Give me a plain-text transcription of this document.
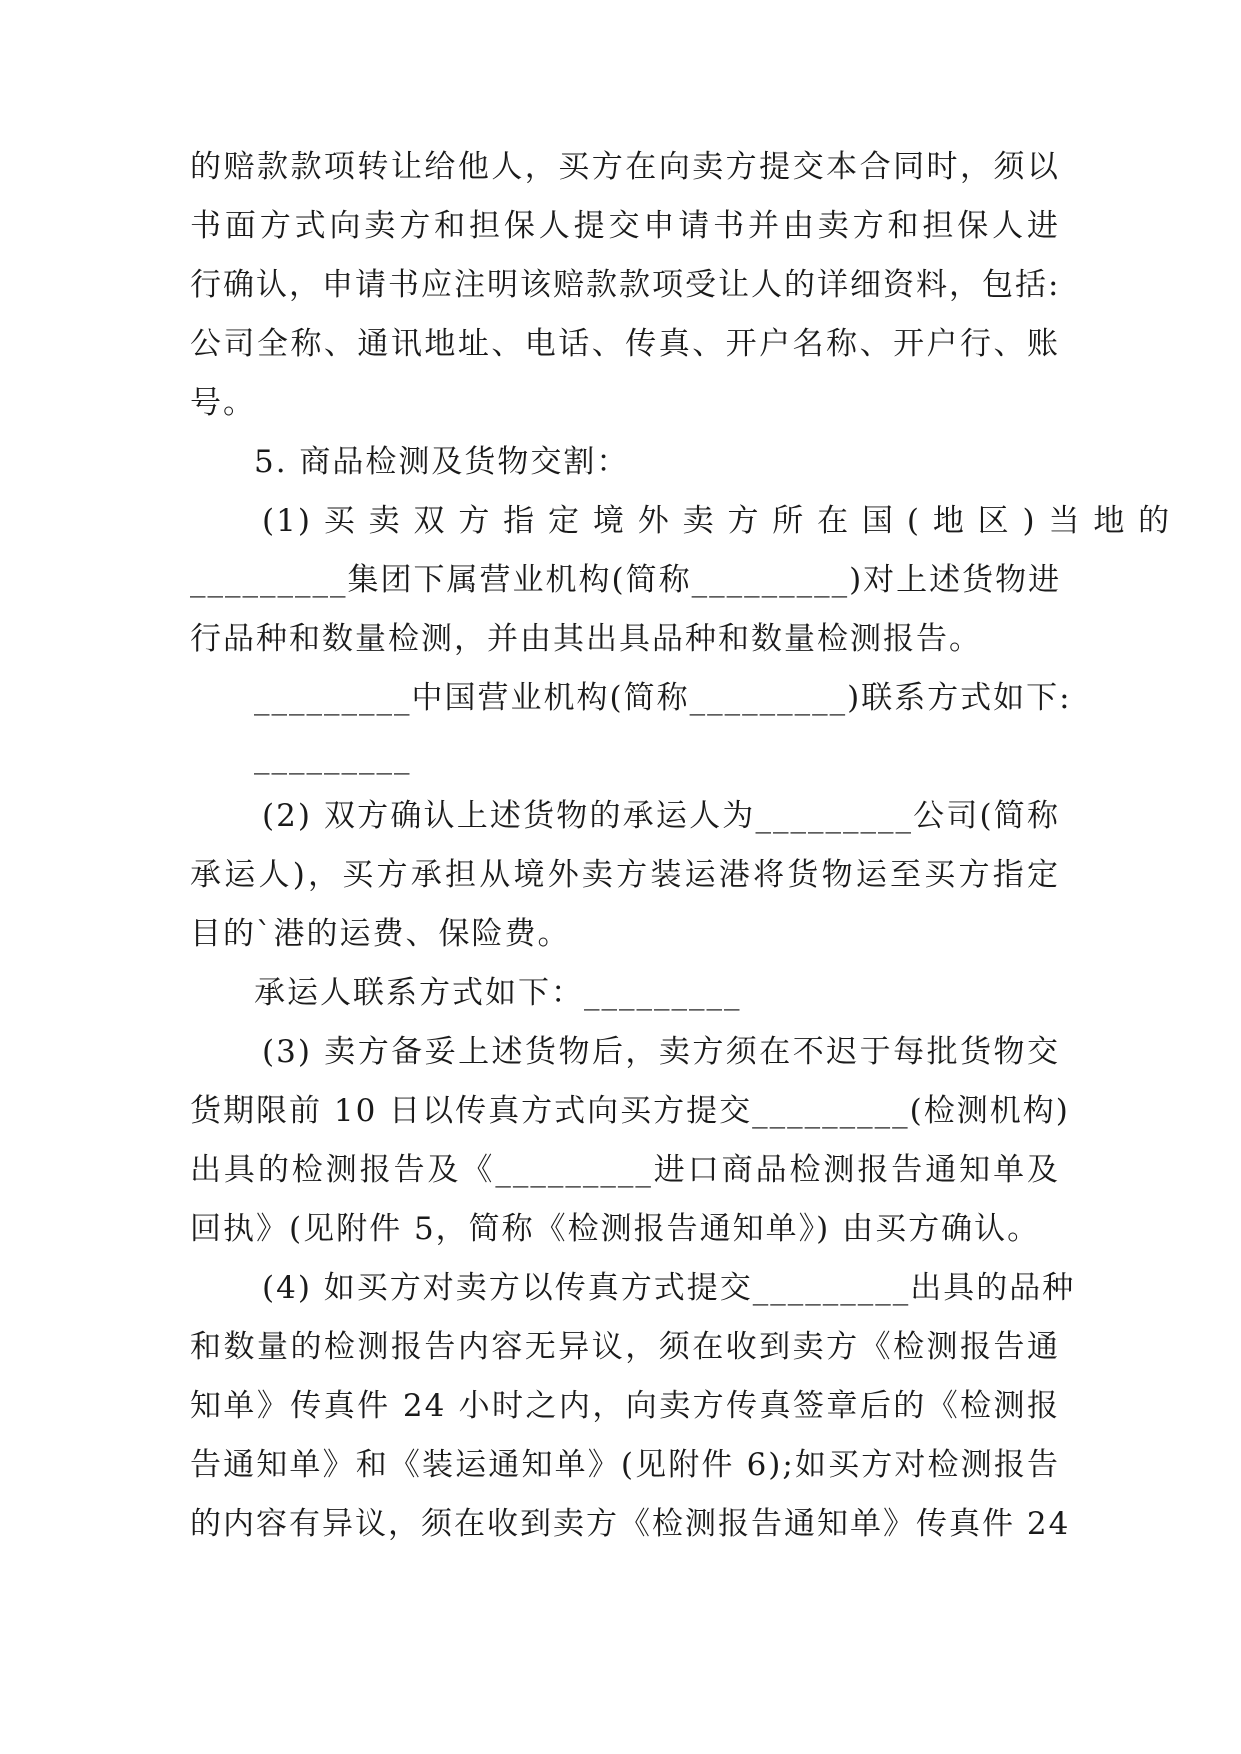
的赔款款项转让给他人，买方在向卖方提交本合同时，须以
书面方式向卖方和担保人提交申请书并由卖方和担保人进
行确认，申请书应注明该赔款款项受让人的详细资料，包括:
公司全称、通讯地址、电话、传真、开户名称、开户行、账
号。
5. 商品检测及货物交割：
(1) 买 卖 双 方 指 定 境 外 卖 方 所 在 国 ( 地 区 ) 当 地 的
_________集团下属营业机构(简称_________)对上述货物进
行品种和数量检测，并由其出具品种和数量检测报告。
_________中国营业机构(简称_________)联系方式如下:
_________
(2) 双方确认上述货物的承运人为_________公司(简称
承运人)，买方承担从境外卖方装运港将货物运至买方指定
目的`港的运费、保险费。
承运人联系方式如下：_________
(3) 卖方备妥上述货物后，卖方须在不迟于每批货物交
货期限前 10 日以传真方式向买方提交_________(检测机构)
出具的检测报告及《_________进口商品检测报告通知单及
回执》(见附件 5，简称《检测报告通知单》) 由买方确认。
(4) 如买方对卖方以传真方式提交_________出具的品种
和数量的检测报告内容无异议，须在收到卖方《检测报告通
知单》传真件 24 小时之内，向卖方传真签章后的《检测报
告通知单》和《装运通知单》(见附件 6);如买方对检测报告
的内容有异议，须在收到卖方《检测报告通知单》传真件 24
